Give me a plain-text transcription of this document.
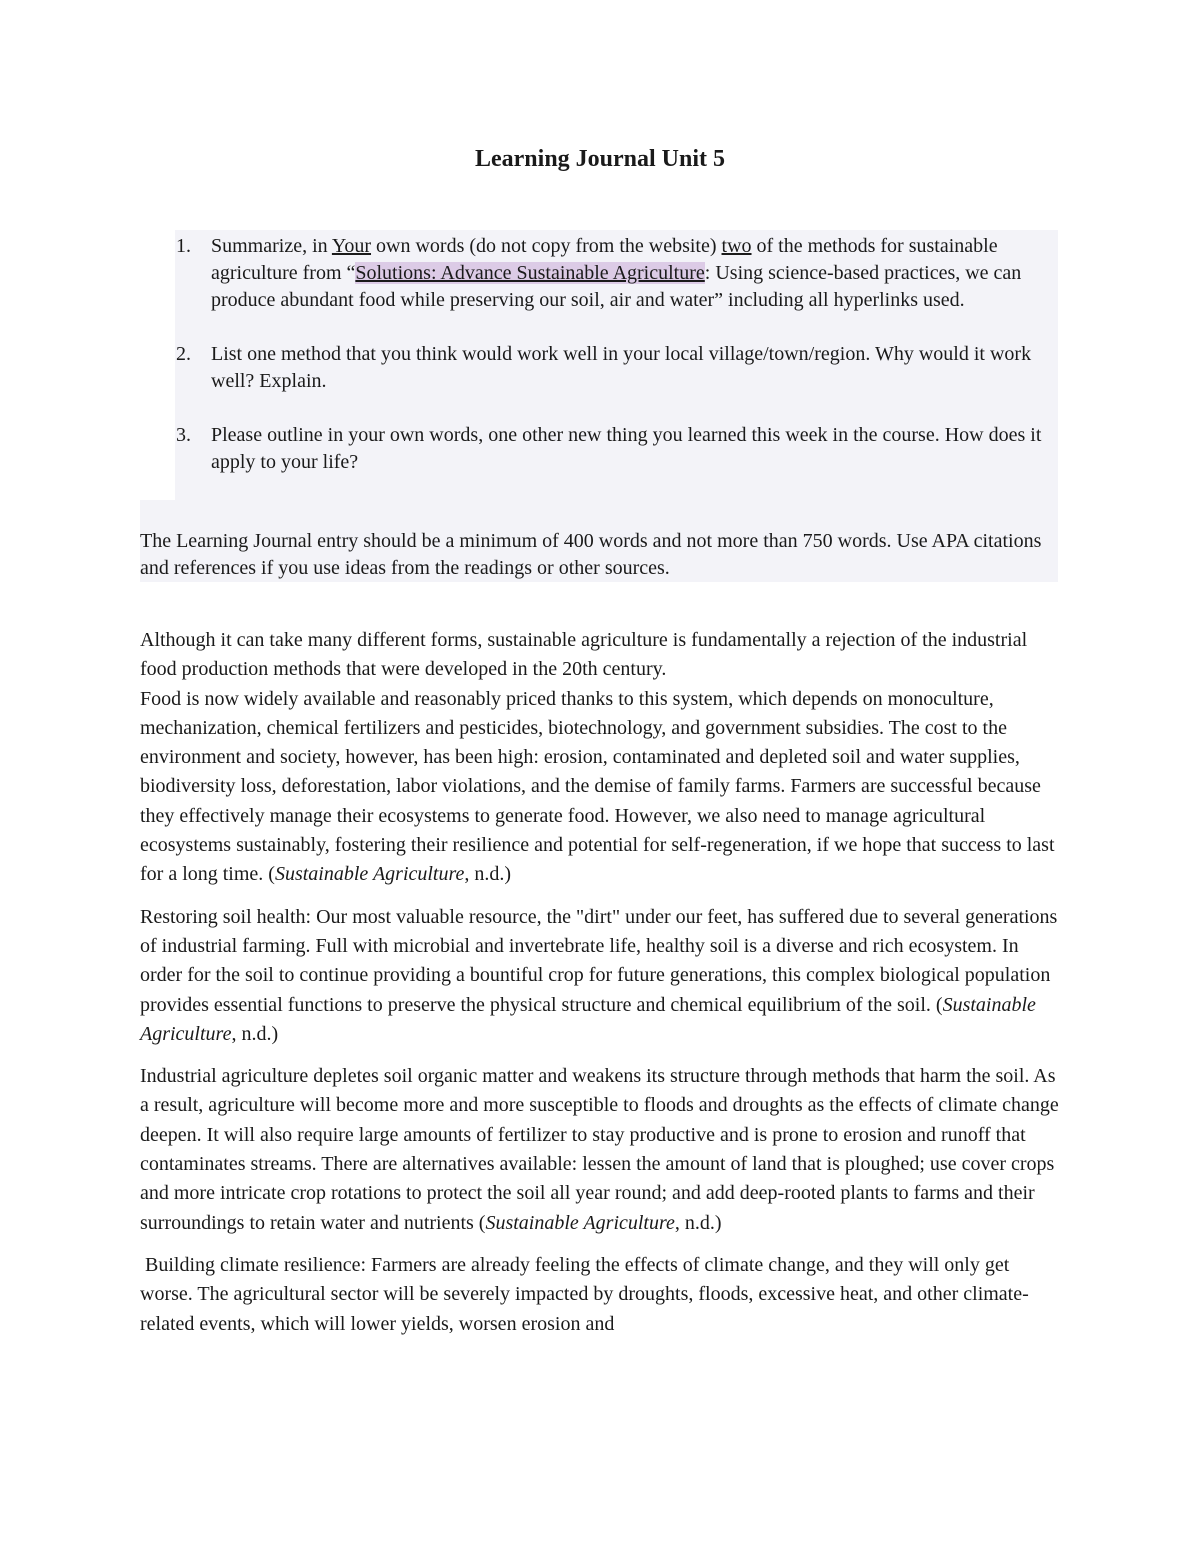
Learning Journal Unit 5
1. Summarize, in Your own words (do not copy from the website) two of the methods for sustainable agriculture from “Solutions: Advance Sustainable Agriculture: Using science-based practices, we can produce abundant food while preserving our soil, air and water” including all hyperlinks used.
2. List one method that you think would work well in your local village/town/region. Why would it work well? Explain.
3. Please outline in your own words, one other new thing you learned this week in the course. How does it apply to your life?

The Learning Journal entry should be a minimum of 400 words and not more than 750 words. Use APA citations and references if you use ideas from the readings or other sources.

Although it can take many different forms, sustainable agriculture is fundamentally a rejection of the industrial food production methods that were developed in the 20th century.

Food is now widely available and reasonably priced thanks to this system, which depends on monoculture, mechanization, chemical fertilizers and pesticides, biotechnology, and government subsidies. The cost to the environment and society, however, has been high: erosion, contaminated and depleted soil and water supplies, biodiversity loss, deforestation, labor violations, and the demise of family farms. Farmers are successful because they effectively manage their ecosystems to generate food. However, we also need to manage agricultural ecosystems sustainably, fostering their resilience and potential for self-regeneration, if we hope that success to last for a long time. (Sustainable Agriculture, n.d.)

Restoring soil health: Our most valuable resource, the "dirt" under our feet, has suffered due to several generations of industrial farming. Full with microbial and invertebrate life, healthy soil is a diverse and rich ecosystem. In order for the soil to continue providing a bountiful crop for future generations, this complex biological population provides essential functions to preserve the physical structure and chemical equilibrium of the soil. (Sustainable Agriculture, n.d.)

Industrial agriculture depletes soil organic matter and weakens its structure through methods that harm the soil. As a result, agriculture will become more and more susceptible to floods and droughts as the effects of climate change deepen. It will also require large amounts of fertilizer to stay productive and is prone to erosion and runoff that contaminates streams. There are alternatives available: lessen the amount of land that is ploughed; use cover crops and more intricate crop rotations to protect the soil all year round; and add deep-rooted plants to farms and their surroundings to retain water and nutrients (Sustainable Agriculture, n.d.)

Building climate resilience: Farmers are already feeling the effects of climate change, and they will only get worse. The agricultural sector will be severely impacted by droughts, floods, excessive heat, and other climate-related events, which will lower yields, worsen erosion and
